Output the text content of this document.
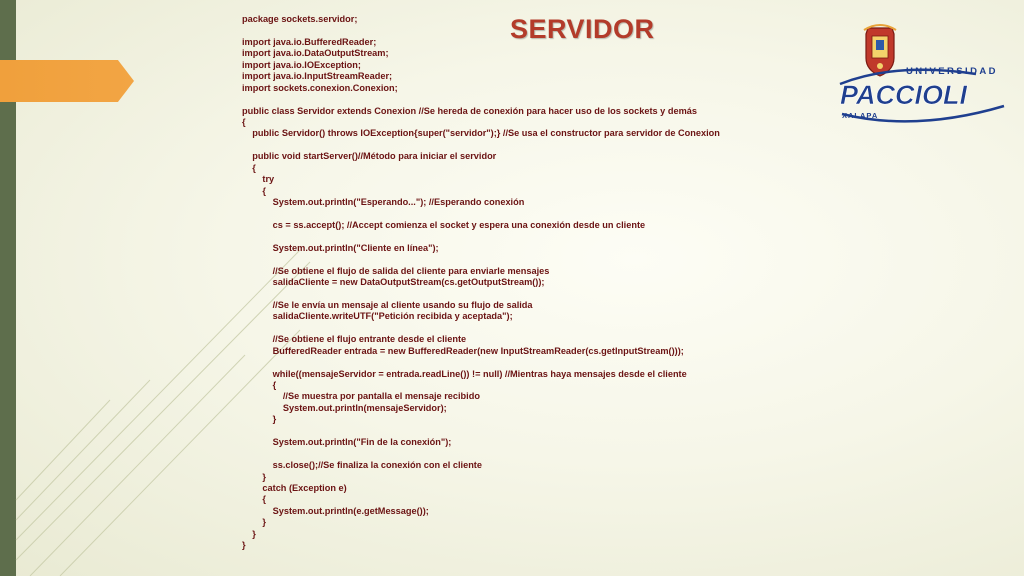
SERVIDOR
package sockets.servidor;
import java.io.BufferedReader;
import java.io.DataOutputStream;
import java.io.IOException;
import java.io.InputStreamReader;
import sockets.conexion.Conexion;
public class Servidor extends Conexion //Se hereda de conexión para hacer uso de los sockets y demás
{
public Servidor() throws IOException{super("servidor");} //Se usa el constructor para servidor de Conexion
public void startServer()//Método para iniciar el servidor
{
try
{
System.out.println("Esperando..."); //Esperando conexión
cs = ss.accept(); //Accept comienza el socket y espera una conexión desde un cliente
System.out.println("Cliente en línea");
//Se obtiene el flujo de salida del cliente para enviarle mensajes
salidaCliente = new DataOutputStream(cs.getOutputStream());
//Se le envía un mensaje al cliente usando su flujo de salida
salidaCliente.writeUTF("Petición recibida y aceptada");
//Se obtiene el flujo entrante desde el cliente
BufferedReader entrada = new BufferedReader(new InputStreamReader(cs.getInputStream()));
while((mensajeServidor = entrada.readLine()) != null) //Mientras haya mensajes desde el cliente
{
//Se muestra por pantalla el mensaje recibido
System.out.println(mensajeServidor);
}
System.out.println("Fin de la conexión");
ss.close();//Se finaliza la conexión con el cliente
}
catch (Exception e)
{
System.out.println(e.getMessage());
}
}
}
UNIVERSIDAD
PACCIOLI
XALAPA
